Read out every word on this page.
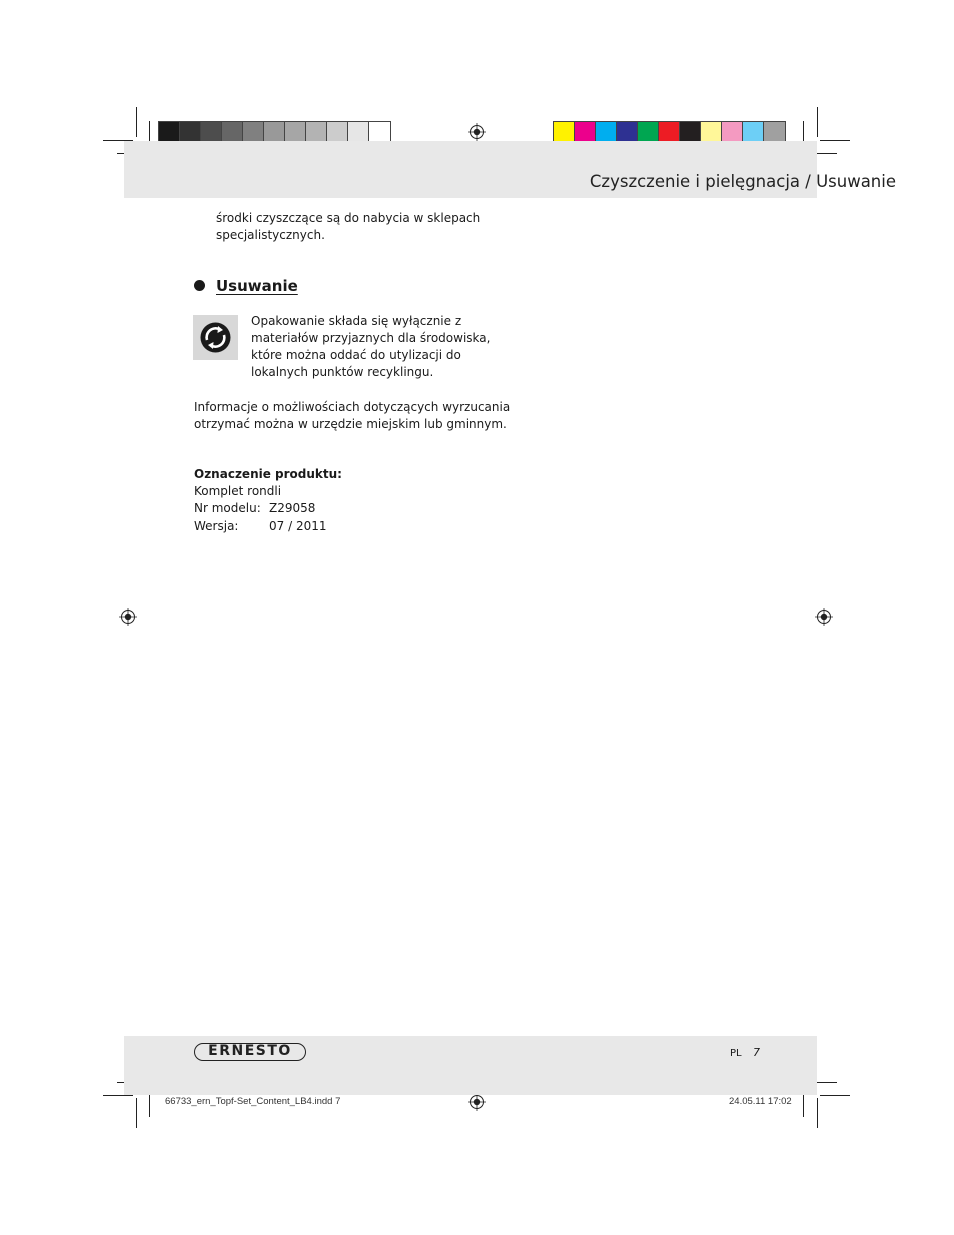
Czyszczenie i pielęgnacja / Usuwanie
środki czyszczące są do nabycia w sklepach
specjalistycznych.
Usuwanie
Opakowanie składa się wyłącznie z
materiałów przyjaznych dla środowiska,
które można oddać do utylizacji do
lokalnych punktów recyklingu.
Informacje o możliwościach dotyczących wyrzucania
otrzymać można w urzędzie miejskim lub gminnym.
Oznaczenie produktu:
Komplet rondli
Nr modelu: Z29058
Wersja:	07 / 2011
ERNESTO	PL 7
66733_ern_Topf-Set_Content_LB4.indd 7	24.05.11 17:02
